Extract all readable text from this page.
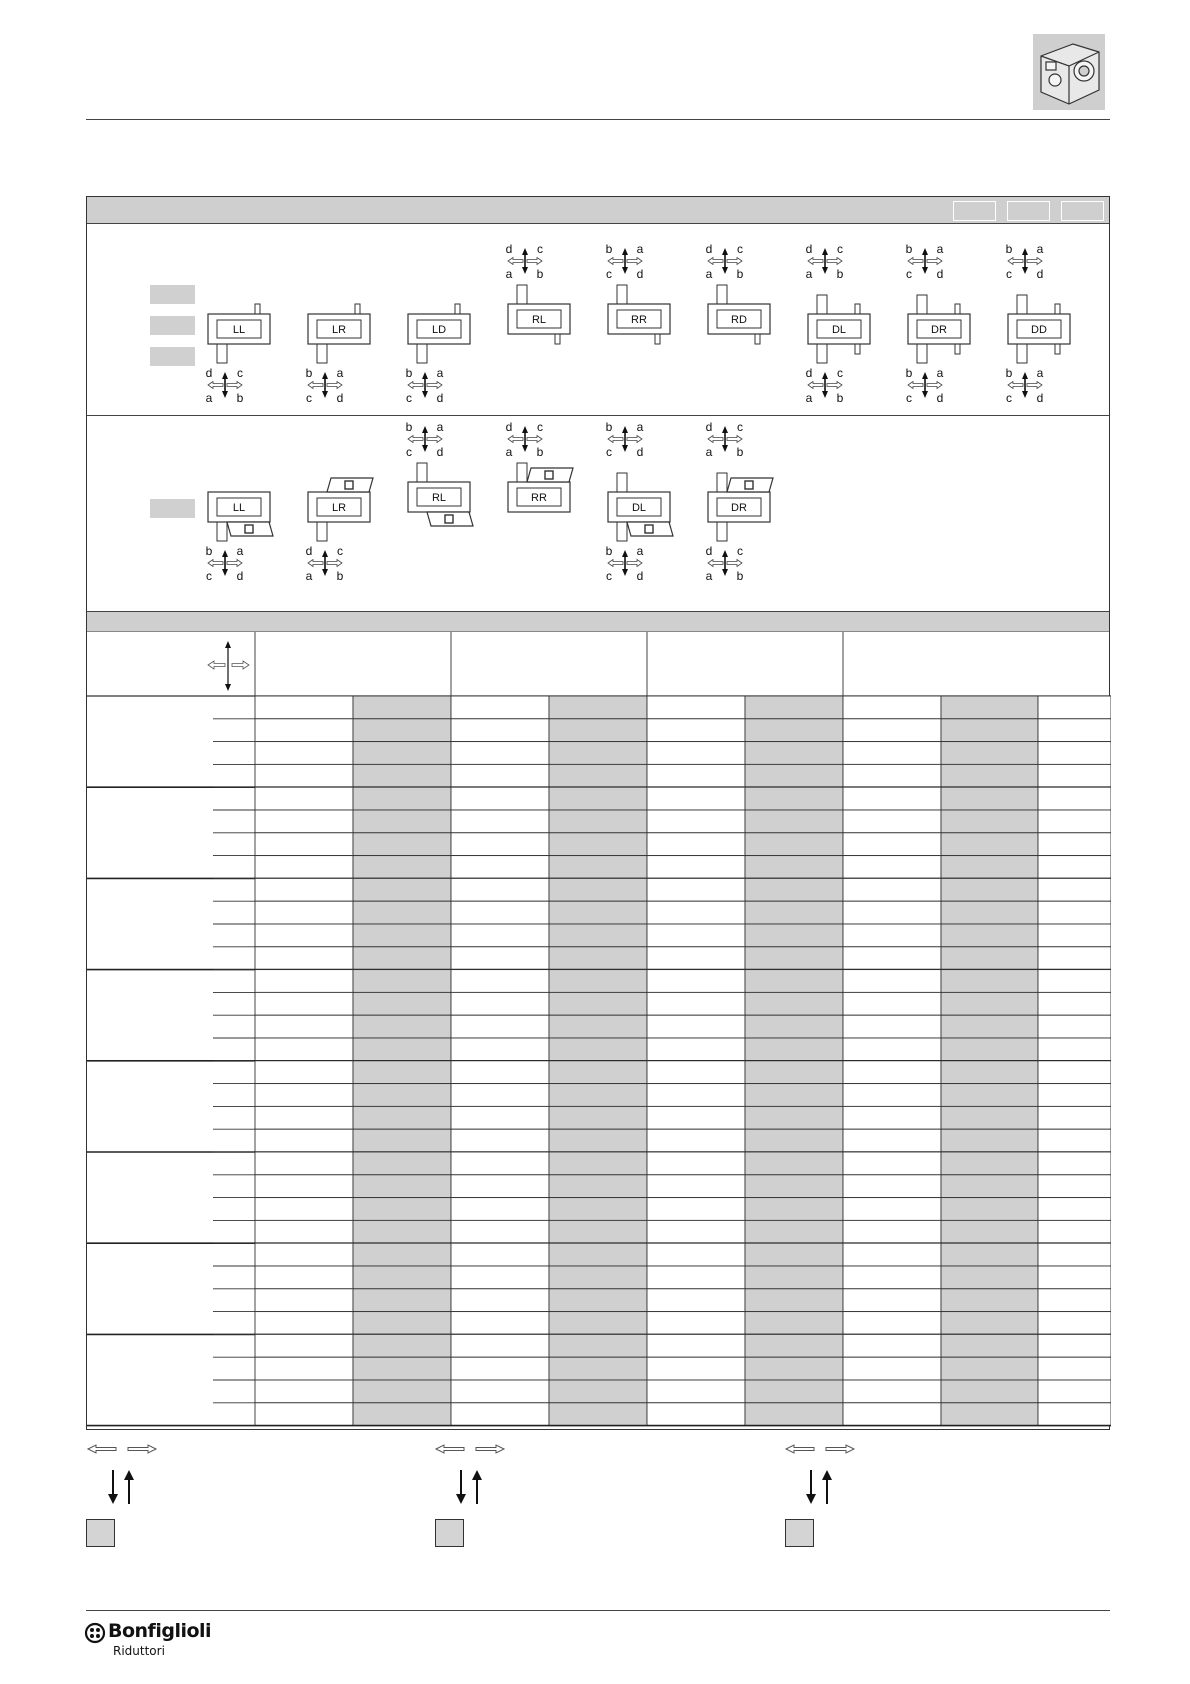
LL
d c
a b
LR
b a
c d
LD
b a
c d
RL
d c
a b
RR
b a
c d
RD
d c
a b
DL
d c
a b
d c
a b
DR
b a
c d
b a
c d
DD
b a
c d
b a
c d
LL
b a
c d
LR
d c
a b
RL
b a
c d
RR
d c
a b
DL
b a
c d
b a
c d
DR
d c
a b
d c
a b
Bonfiglioli
Riduttori
